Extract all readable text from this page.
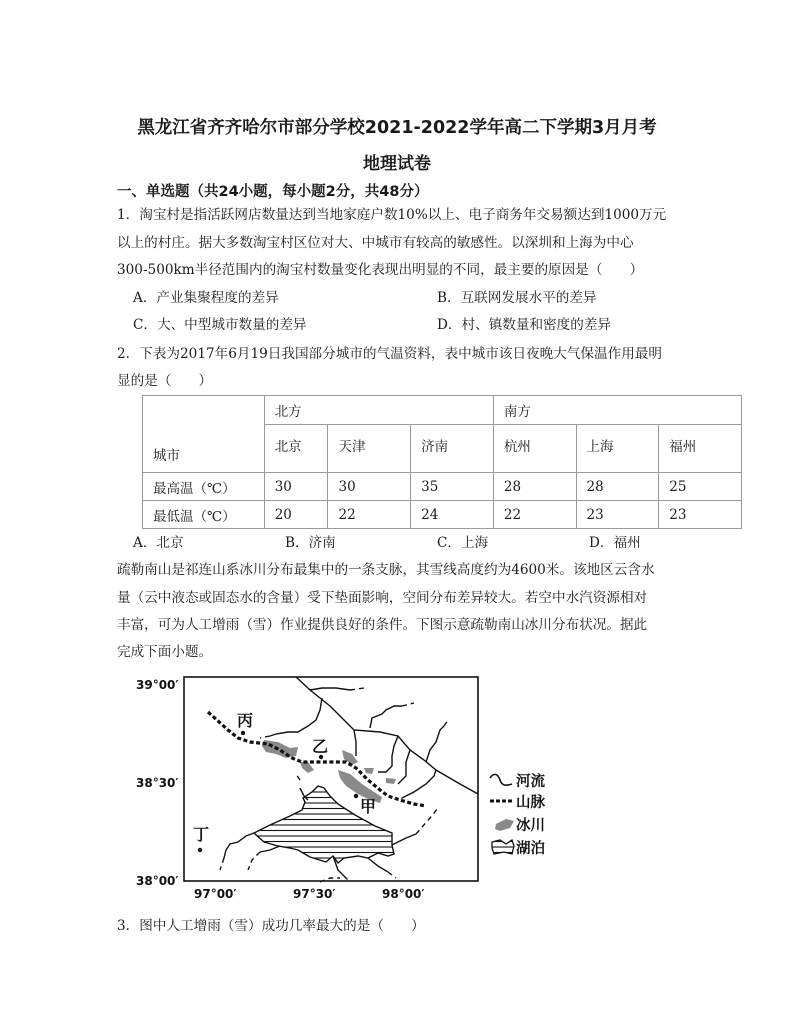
黑龙江省齐齐哈尔市部分学校2021-2022学年高二下学期3月月考
地理试卷
一、单选题（共24小题，每小题2分，共48分）
1．淘宝村是指活跃网店数量达到当地家庭户数10%以上、电子商务年交易额达到1000万元
以上的村庄。据大多数淘宝村区位对大、中城市有较高的敏感性。以深圳和上海为中心
300-500km半径范围内的淘宝村数量变化表现出明显的不同，最主要的原因是（　　）
A．产业集聚程度的差异	B．互联网发展水平的差异
C．大、中型城市数量的差异	D．村、镇数量和密度的差异
2．下表为2017年6月19日我国部分城市的气温资料，表中城市该日夜晚大气保温作用最明
显的是（　　）
城市	北方			南方		
	北京	天津	济南	杭州	上海	福州
最高温（℃）	30	30	35	28	28	25
最低温（℃）	20	22	24	22	23	23
A．北京	B．济南	C．上海	D．福州
疏勒南山是祁连山系冰川分布最集中的一条支脉，其雪线高度约为4600米。该地区云含水
量（云中液态或固态水的含量）受下垫面影响，空间分布差异较大。若空中水汽资源相对
丰富，可为人工增雨（雪）作业提供良好的条件。下图示意疏勒南山冰川分布状况。据此
完成下面小题。
39°00′
38°30′
38°00′
97°00′	97°30′	98°00′
甲
乙
丙
丁
河流
山脉
冰川
湖泊
3．图中人工增雨（雪）成功几率最大的是（　　）
